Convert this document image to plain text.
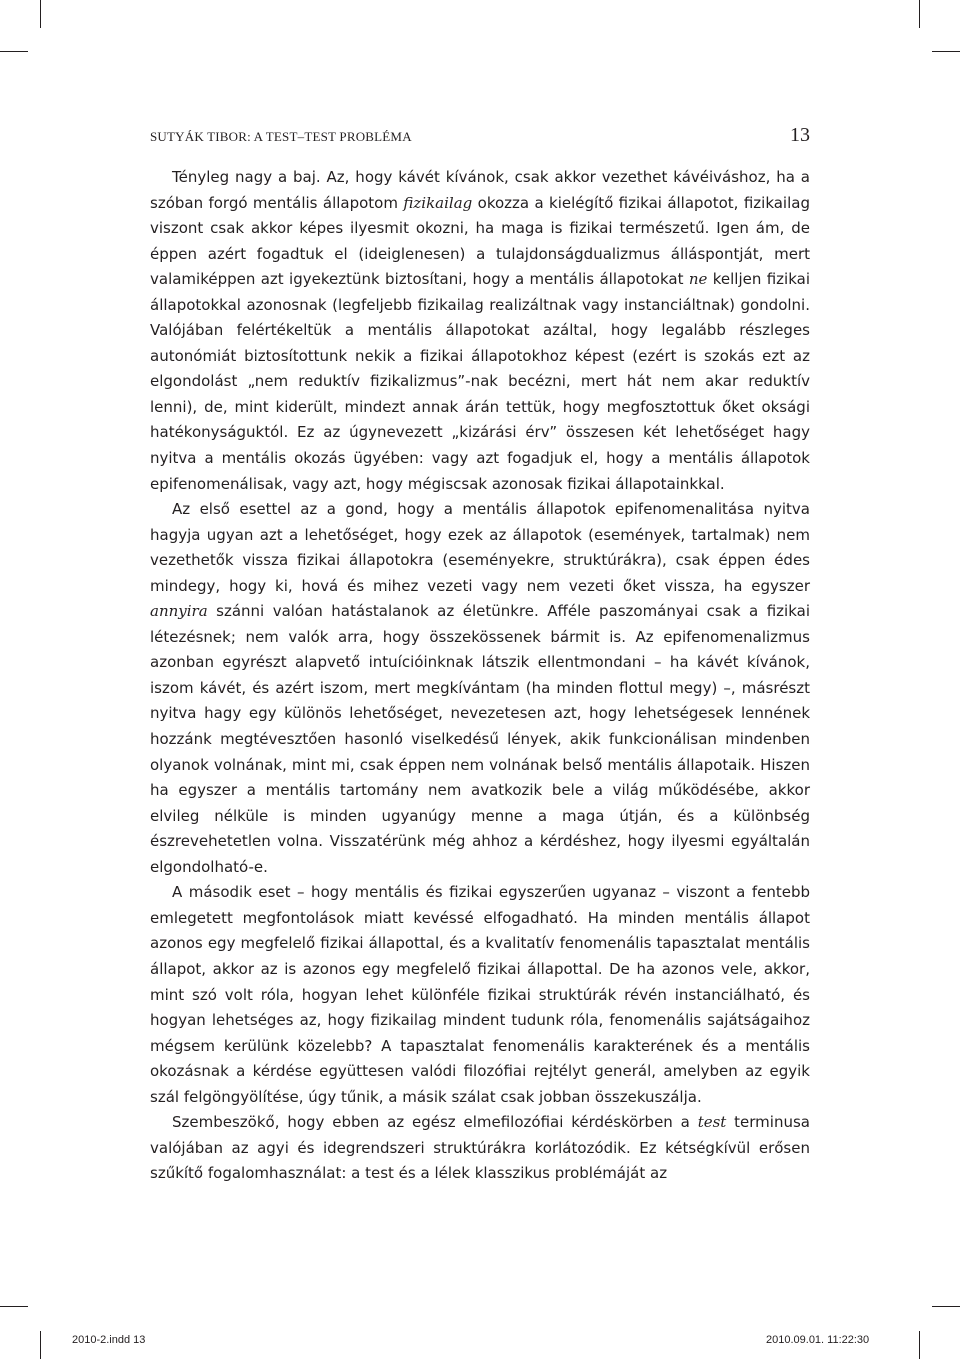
SUTYÁK TIBOR: A TEST–TEST PROBLÉMA	13

Tényleg nagy a baj. Az, hogy kávét kívánok, csak akkor vezethet kávéiváshoz, ha a szóban forgó mentális állapotom fizikailag okozza a kielégítő fizikai állapotot, fizikailag viszont csak akkor képes ilyesmit okozni, ha maga is fizikai természetű. Igen ám, de éppen azért fogadtuk el (ideiglenesen) a tulajdonságdualizmus álláspontját, mert valamiképpen azt igyekeztünk biztosítani, hogy a mentális állapotokat ne kelljen fizikai állapotokkal azonosnak (legfeljebb fizikailag realizáltnak vagy instanciáltnak) gondolni. Valójában felértékeltük a mentális állapotokat azáltal, hogy legalább részleges autonómiát biztosítottunk nekik a fizikai állapotokhoz képest (ezért is szokás ezt az elgondolást „nem reduktív fizikalizmus”-nak becézni, mert hát nem akar reduktív lenni), de, mint kiderült, mindezt annak árán tettük, hogy megfosztottuk őket oksági hatékonyságuktól. Ez az úgynevezett „kizárási érv” összesen két lehetőséget hagy nyitva a mentális okozás ügyében: vagy azt fogadjuk el, hogy a mentális állapotok epifenomenálisak, vagy azt, hogy mégiscsak azonosak fizikai állapotainkkal.

Az első esettel az a gond, hogy a mentális állapotok epifenomenalitása nyitva hagyja ugyan azt a lehetőséget, hogy ezek az állapotok (események, tartalmak) nem vezethetők vissza fizikai állapotokra (eseményekre, struktúrákra), csak éppen édes mindegy, hogy ki, hová és mihez vezeti vagy nem vezeti őket vissza, ha egyszer annyira szánni valóan hatástalanok az életünkre. Afféle paszományai csak a fizikai létezésnek; nem valók arra, hogy összekössenek bármit is. Az epifenomenalizmus azonban egyrészt alapvető intuícióinknak látszik ellentmondani – ha kávét kívánok, iszom kávét, és azért iszom, mert megkívántam (ha minden flottul megy) –, másrészt nyitva hagy egy különös lehetőséget, nevezetesen azt, hogy lehetségesek lennének hozzánk megtévesztően hasonló viselkedésű lények, akik funkcionálisan mindenben olyanok volnának, mint mi, csak éppen nem volnának belső mentális állapotaik. Hiszen ha egyszer a mentális tartomány nem avatkozik bele a világ működésébe, akkor elvileg nélküle is minden ugyanúgy menne a maga útján, és a különbség észrevehetetlen volna. Visszatérünk még ahhoz a kérdéshez, hogy ilyesmi egyáltalán elgondolható-e.

A második eset – hogy mentális és fizikai egyszerűen ugyanaz – viszont a fentebb emlegetett megfontolások miatt kevéssé elfogadható. Ha minden mentális állapot azonos egy megfelelő fizikai állapottal, és a kvalitatív fenomenális tapasztalat mentális állapot, akkor az is azonos egy megfelelő fizikai állapottal. De ha azonos vele, akkor, mint szó volt róla, hogyan lehet különféle fizikai struktúrák révén instanciálható, és hogyan lehetséges az, hogy fizikailag mindent tudunk róla, fenomenális sajátságaihoz mégsem kerülünk közelebb? A tapasztalat fenomenális karakterének és a mentális okozásnak a kérdése együttesen valódi filozófiai rejtélyt generál, amelyben az egyik szál felgöngyölítése, úgy tűnik, a másik szálat csak jobban összekuszálja.

Szembeszökő, hogy ebben az egész elmefilozófiai kérdéskörben a test terminusa valójában az agyi és idegrendszeri struktúrákra korlátozódik. Ez kétségkívül erősen szűkítő fogalomhasználat: a test és a lélek klasszikus problémáját az

2010-2.indd 13	2010.09.01. 11:22:30
